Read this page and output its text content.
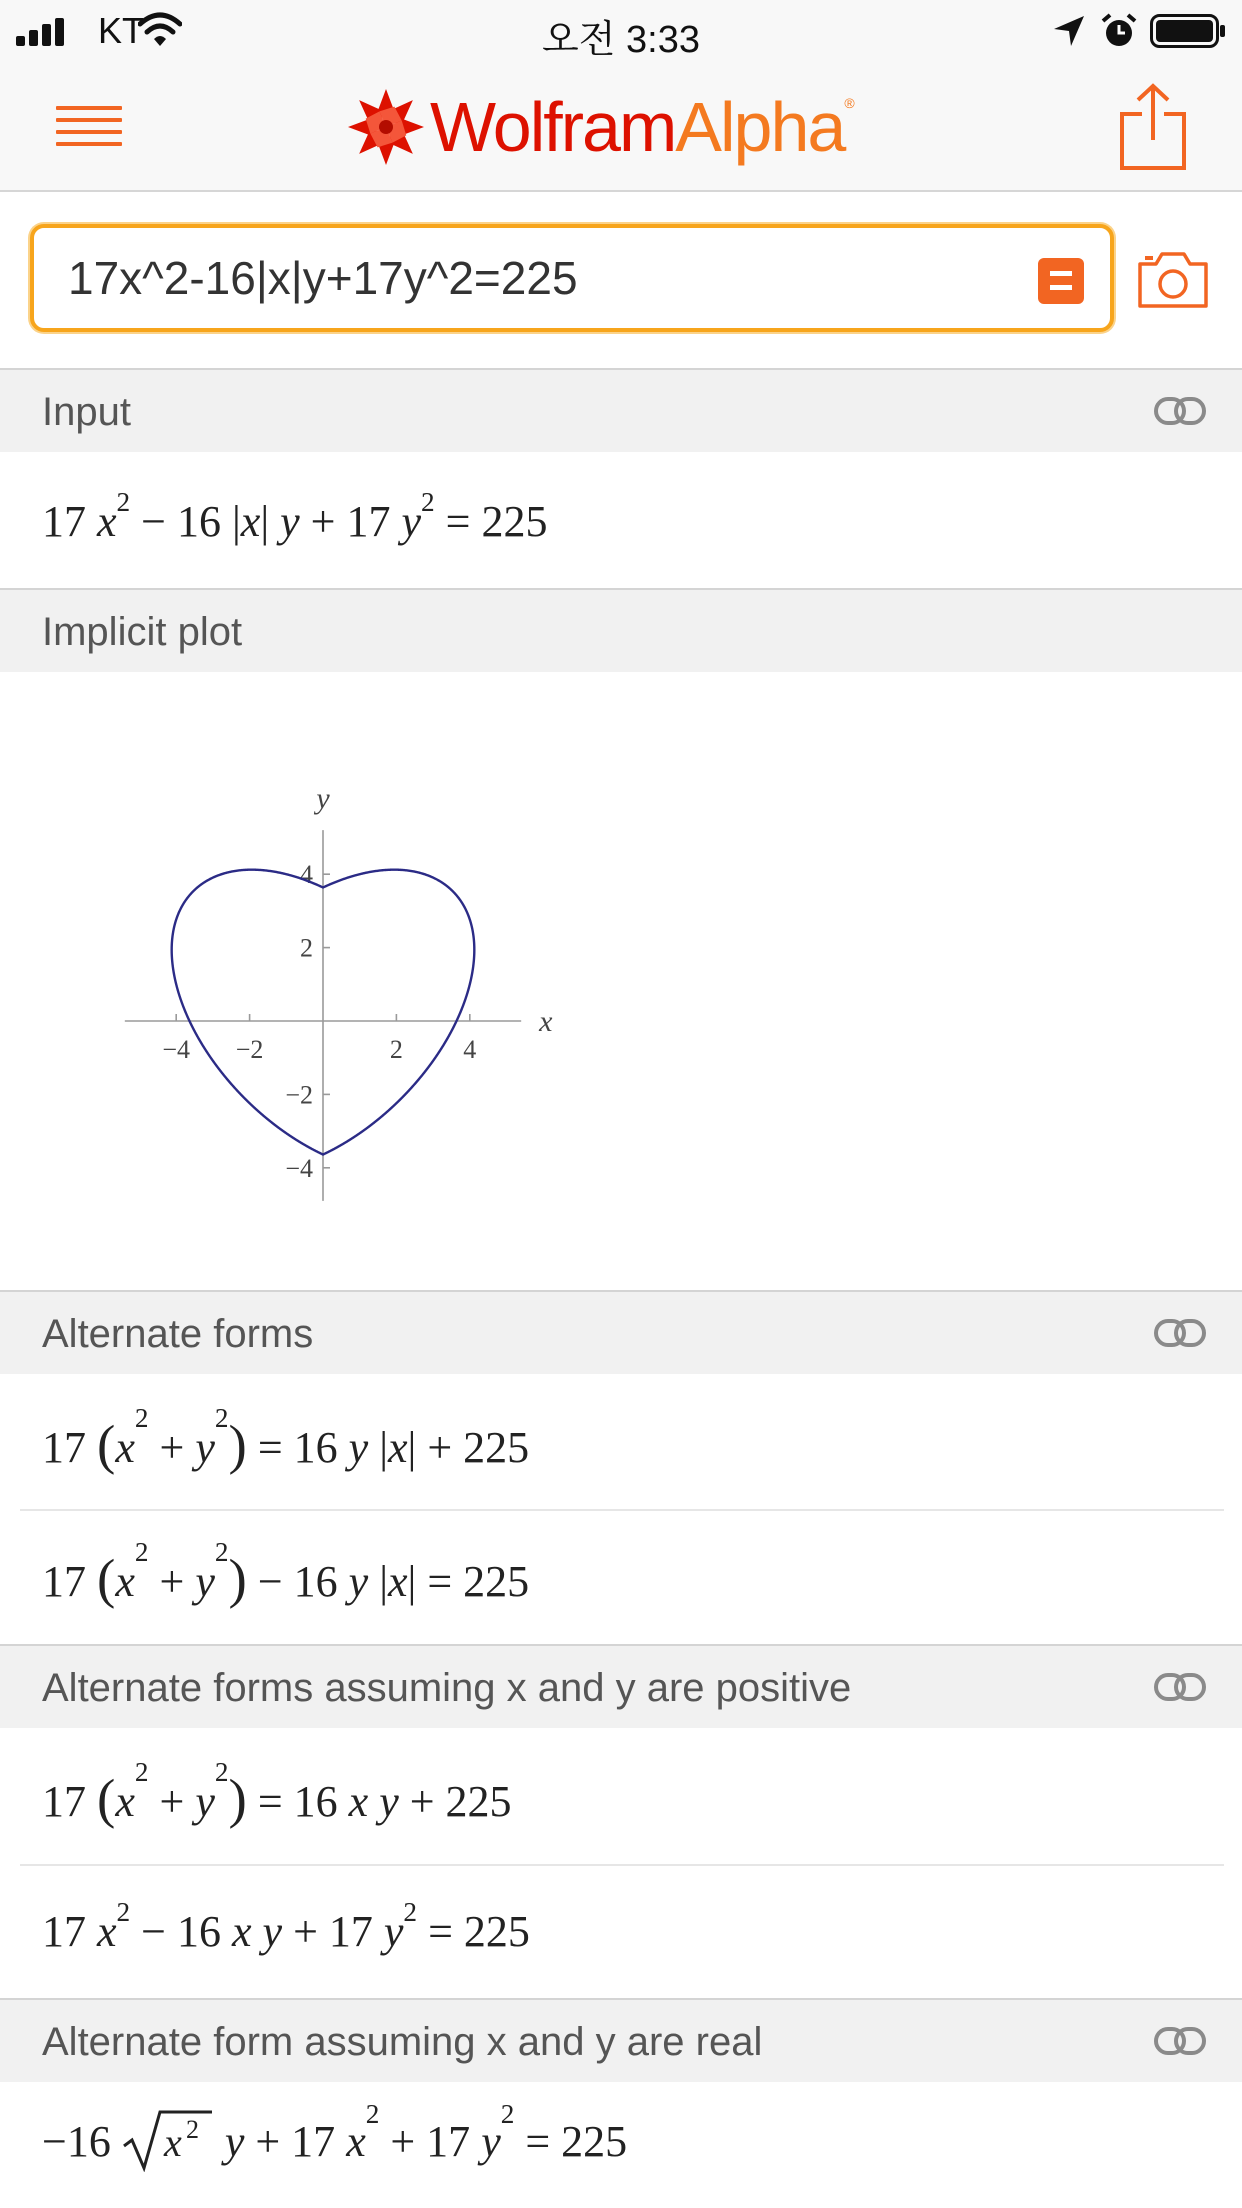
KT	오전 3:33
WolframAlpha®
17x^2-16|x|y+17y^2=225
Input
17 $x^2 - 16$ |x| y + 17 $y^2 = 225$
Implicit plot
−4 −2	2 4
−4
−2
2
4
x
y
Alternate forms
17 $(x^2 + y^2) = 16$ y |x| + 225
17 $(x^2 + y^2) - 16$ y |x| = 225
Alternate forms assuming x and y are positive
17 $(x^2 + y^2) = 16$ x y + 225
17 $x^2 - 16$ x y + 17 $y^2 = 225$
Alternate form assuming x and y are real
−16 x 2 y + 17 $x^2 + 17$ $y^2 = 225$
